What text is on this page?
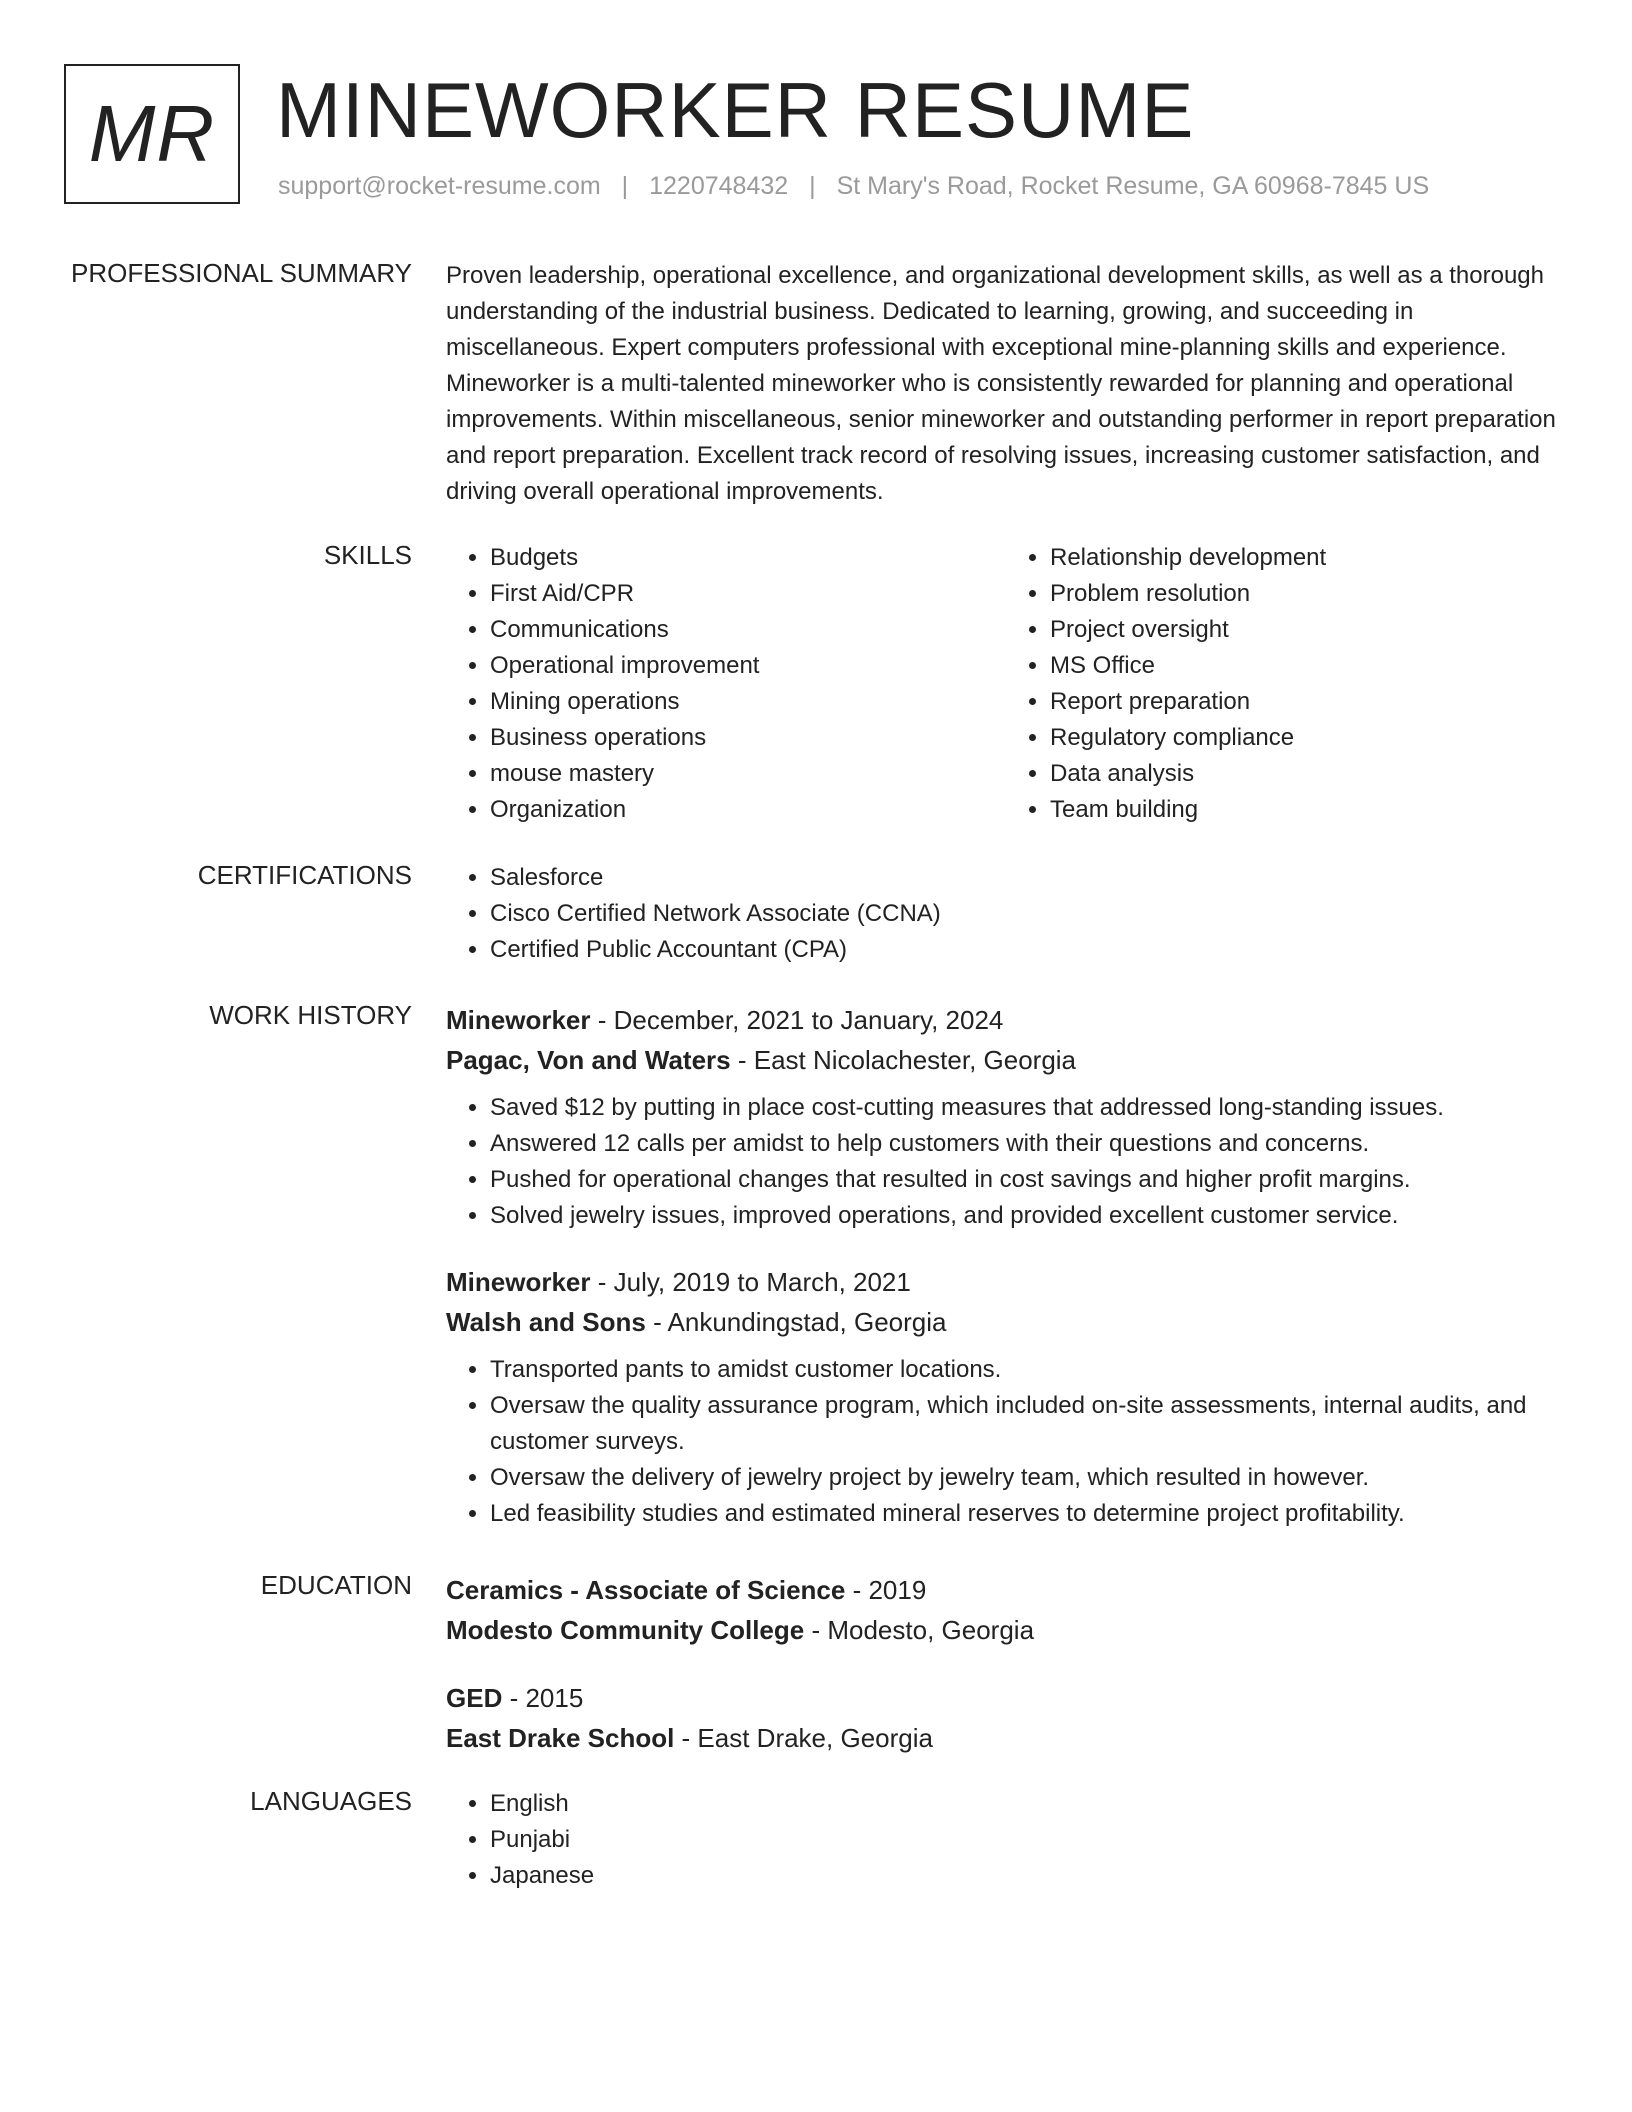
MR MINEWORKER RESUME
support@rocket-resume.com | 1220748432 | St Mary's Road, Rocket Resume, GA 60968-7845 US
PROFESSIONAL SUMMARY Proven leadership, operational excellence, and organizational development skills, as well as a thorough understanding of the industrial business. Dedicated to learning, growing, and succeeding in miscellaneous. Expert computers professional with exceptional mine-planning skills and experience. Mineworker is a multi-talented mineworker who is consistently rewarded for planning and operational improvements. Within miscellaneous, senior mineworker and outstanding performer in report preparation and report preparation. Excellent track record of resolving issues, increasing customer satisfaction, and driving overall operational improvements.

SKILLS	• Budgets
• First Aid/CPR
• Communications
• Operational improvement
• Mining operations
• Business operations
• mouse mastery
• Organization
• Relationship development
• Problem resolution
• Project oversight
• MS Office
• Report preparation
• Regulatory compliance
• Data analysis
• Team building
CERTIFICATIONS	• Salesforce
• Cisco Certified Network Associate (CCNA)
• Certified Public Accountant (CPA)
WORK HISTORY Mineworker - December, 2021 to January, 2024
Pagac, Von and Waters - East Nicolachester, Georgia
• Saved $12 by putting in place cost-cutting measures that addressed long-standing issues.
• Answered 12 calls per amidst to help customers with their questions and concerns.
• Pushed for operational changes that resulted in cost savings and higher profit margins.
• Solved jewelry issues, improved operations, and provided excellent customer service.
Mineworker - July, 2019 to March, 2021
Walsh and Sons - Ankundingstad, Georgia
• Transported pants to amidst customer locations.
• Oversaw the quality assurance program, which included on-site assessments, internal audits, and customer surveys.
• Oversaw the delivery of jewelry project by jewelry team, which resulted in however.
• Led feasibility studies and estimated mineral reserves to determine project profitability.
EDUCATION Ceramics - Associate of Science - 2019
Modesto Community College - Modesto, Georgia
GED - 2015
East Drake School - East Drake, Georgia
LANGUAGES	• English
• Punjabi
• Japanese
